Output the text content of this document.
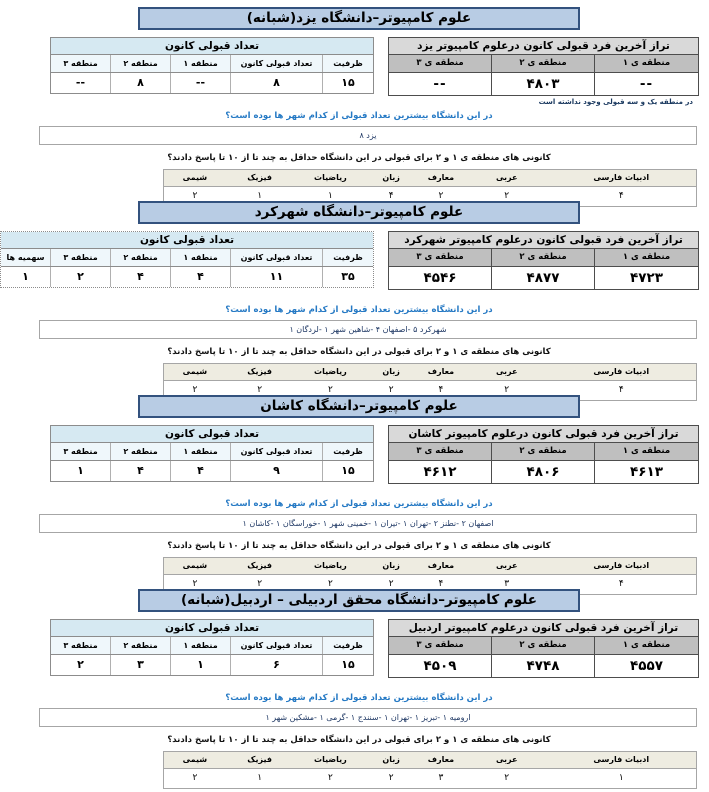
علوم کامپیوتر–دانشگاه یزد(شبانه)
تراز آخرین فرد قبولی کانون درعلوم کامپیوتر یزد
منطقه ی ۱
منطقه ی ۲
منطقه ی ۳
--
۴۸۰۳
--
تعداد قبولی کانون
ظرفیت
تعداد قبولی کانون
منطقه ۱
منطقه ۲
منطقه ۳
۱۵
۸
--
۸
--
در منطقه یک و سه قبولی وجود نداشته است
در این دانشگاه بیشترین تعداد قبولی از کدام شهر ها بوده است؟
یزد ۸
کانونی های منطقه ی ۱ و ۲ برای قبولی در این دانشگاه حداقل به چند تا از ۱۰ تا پاسخ دادند؟
ادبیات فارسی
عربی
معارف
زبان
ریاضیات
فیزیک
شیمی
۴
۲
۲
۴
۱
۱
۲
علوم کامپیوتر–دانشگاه شهرکرد
تراز آخرین فرد قبولی کانون درعلوم کامپیوتر شهرکرد
منطقه ی ۱
منطقه ی ۲
منطقه ی ۳
۴۷۲۳
۴۸۷۷
۴۵۴۶
تعداد قبولی کانون
ظرفیت
تعداد قبولی کانون
منطقه ۱
منطقه ۲
منطقه ۳
سهمیه ها
۳۵
۱۱
۴
۴
۲
۱
در این دانشگاه بیشترین تعداد قبولی از کدام شهر ها بوده است؟
شهرکرد ۵ -اصفهان ۴ -شاهین شهر ۱ -لردگان ۱
کانونی های منطقه ی ۱ و ۲ برای قبولی در این دانشگاه حداقل به چند تا از ۱۰ تا پاسخ دادند؟
ادبیات فارسی
عربی
معارف
زبان
ریاضیات
فیزیک
شیمی
۴
۲
۴
۲
۲
۲
۲
علوم کامپیوتر–دانشگاه کاشان
تراز آخرین فرد قبولی کانون درعلوم کامپیوتر کاشان
منطقه ی ۱
منطقه ی ۲
منطقه ی ۳
۴۶۱۳
۴۸۰۶
۴۶۱۲
تعداد قبولی کانون
ظرفیت
تعداد قبولی کانون
منطقه ۱
منطقه ۲
منطقه ۳
۱۵
۹
۴
۴
۱
در این دانشگاه بیشترین تعداد قبولی از کدام شهر ها بوده است؟
اصفهان ۲ -نطنز ۲ -تهران ۱ -تیران ۱ -خمینی شهر ۱ -خوراسگان ۱ -کاشان ۱
کانونی های منطقه ی ۱ و ۲ برای قبولی در این دانشگاه حداقل به چند تا از ۱۰ تا پاسخ دادند؟
ادبیات فارسی
عربی
معارف
زبان
ریاضیات
فیزیک
شیمی
۴
۳
۴
۲
۲
۲
۲
علوم کامپیوتر–دانشگاه محقق اردبیلی – اردبیل(شبانه)
تراز آخرین فرد قبولی کانون درعلوم کامپیوتر اردبیل
منطقه ی ۱
منطقه ی ۲
منطقه ی ۳
۴۵۵۷
۴۷۴۸
۴۵۰۹
تعداد قبولی کانون
ظرفیت
تعداد قبولی کانون
منطقه ۱
منطقه ۲
منطقه ۳
۱۵
۶
۱
۳
۲
در این دانشگاه بیشترین تعداد قبولی از کدام شهر ها بوده است؟
ارومیه ۱ -تبریز ۱ -تهران ۱ -سنندج ۱ -گرمی ۱ -مشکین شهر ۱
کانونی های منطقه ی ۱ و ۲ برای قبولی در این دانشگاه حداقل به چند تا از ۱۰ تا پاسخ دادند؟
ادبیات فارسی
عربی
معارف
زبان
ریاضیات
فیزیک
شیمی
۱
۲
۳
۲
۲
۱
۲
